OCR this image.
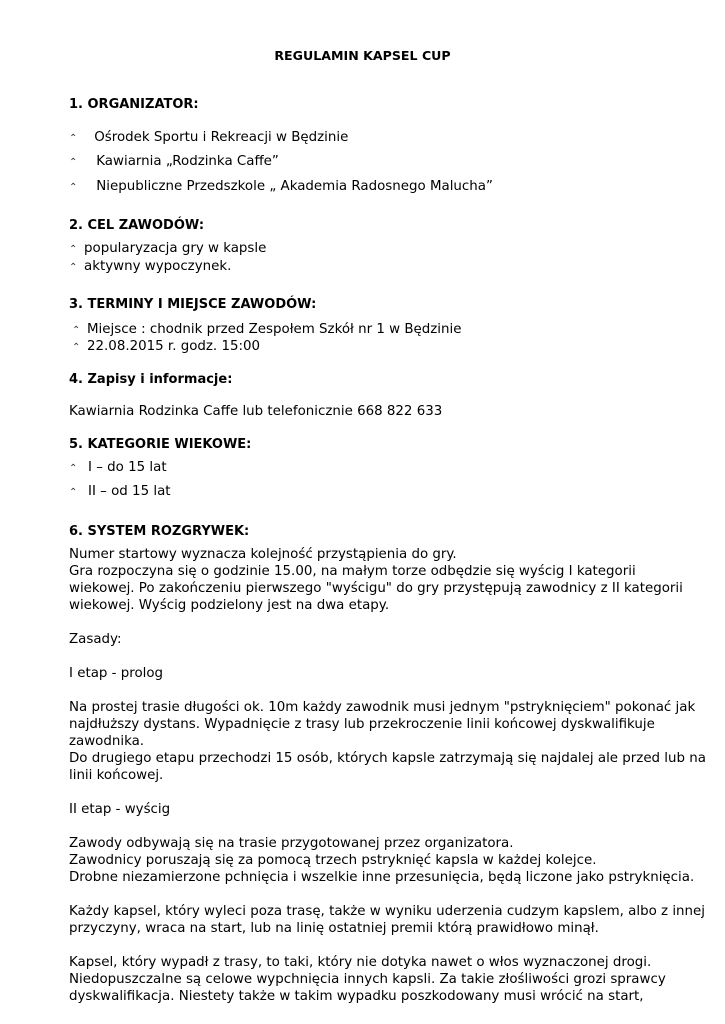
REGULAMIN KAPSEL CUP
1. ORGANIZATOR:
⌃ Ośrodek Sportu i Rekreacji w Będzinie
⌃ Kawiarnia „Rodzinka Caffe”
⌃ Niepubliczne Przedszkole „ Akademia Radosnego Malucha”
2. CEL ZAWODÓW:
⌃ popularyzacja gry w kapsle
⌃ aktywny wypoczynek.
3. TERMINY I MIEJSCE ZAWODÓW:
⌃ Miejsce : chodnik przed Zespołem Szkół nr 1 w Będzinie
⌃ 22.08.2015 r. godz. 15:00
4. Zapisy i informacje:
Kawiarnia Rodzinka Caffe lub telefonicznie 668 822 633
5. KATEGORIE WIEKOWE:
⌃ I – do 15 lat
⌃ II – od 15 lat
6. SYSTEM ROZGRYWEK:
Numer startowy wyznacza kolejność przystąpienia do gry.
Gra rozpoczyna się o godzinie 15.00, na małym torze odbędzie się wyścig I kategorii
wiekowej. Po zakończeniu pierwszego "wyścigu" do gry przystępują zawodnicy z II kategorii
wiekowej. Wyścig podzielony jest na dwa etapy.
Zasady:
I etap - prolog
Na prostej trasie długości ok. 10m każdy zawodnik musi jednym "pstryknięciem" pokonać jak
najdłuższy dystans. Wypadnięcie z trasy lub przekroczenie linii końcowej dyskwalifikuje
zawodnika.
Do drugiego etapu przechodzi 15 osób, których kapsle zatrzymają się najdalej ale przed lub na
linii końcowej.
II etap - wyścig
Zawody odbywają się na trasie przygotowanej przez organizatora.
Zawodnicy poruszają się za pomocą trzech pstryknięć kapsla w każdej kolejce.
Drobne niezamierzone pchnięcia i wszelkie inne przesunięcia, będą liczone jako pstryknięcia.
Każdy kapsel, który wyleci poza trasę, także w wyniku uderzenia cudzym kapslem, albo z innej
przyczyny, wraca na start, lub na linię ostatniej premii którą prawidłowo minął.
Kapsel, który wypadł z trasy, to taki, który nie dotyka nawet o włos wyznaczonej drogi.
Niedopuszczalne są celowe wypchnięcia innych kapsli. Za takie złośliwości grozi sprawcy
dyskwalifikacja. Niestety także w takim wypadku poszkodowany musi wrócić na start,
